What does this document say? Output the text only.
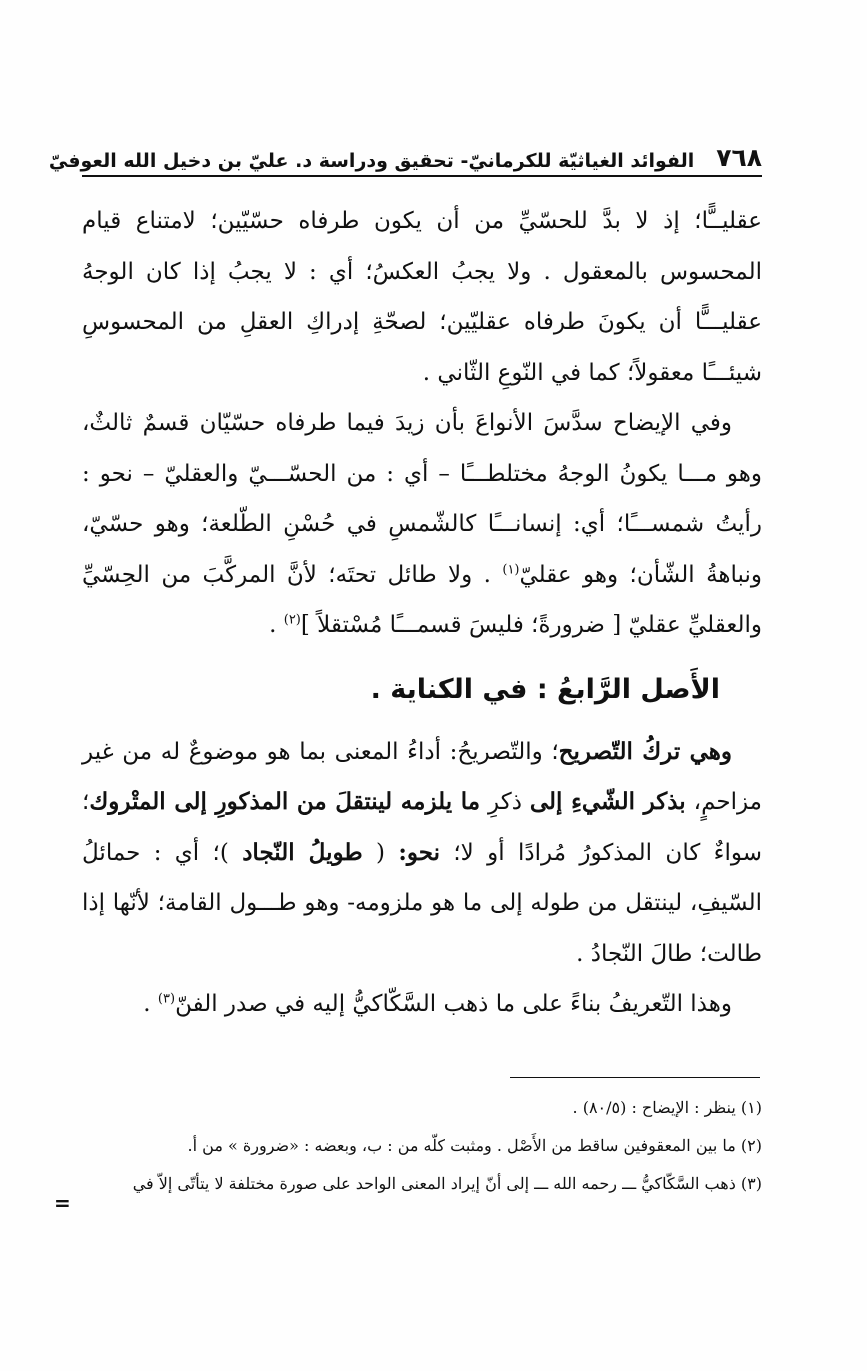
٧٦٨
الفوائد الغياثيّة للكرمانيّ- تحقيق ودراسة د. عليّ بن دخيل الله العوفيّ

عقليــًّا؛ إذ لا بدَّ للحسّيِّ من أن يكون طرفاه حسّيّين؛ لامتناع قيام المحسوس بالمعقول . ولا يجبُ العكسُ؛ أي : لا يجبُ إذا كان الوجهُ عقليـــًّا أن يكونَ طرفاه عقليّين؛ لصحّةِ إدراكِ العقلِ من المحسوسِ شيئـــًا معقولاً؛ كما في النّوعِ الثّاني .

وفي الإيضاح سدَّسَ الأنواعَ بأن زيدَ فيما طرفاه حسّيّان قسمٌ ثالثٌ، وهو مـــا يكونُ الوجهُ مختلطـــًا – أي : من الحسّـــيّ والعقليّ – نحو : رأيتُ شمســـًا؛ أي: إنسانـــًا كالشّمسِ في حُسْنِ الطّلعة؛ وهو حسّيّ، ونباهةُ الشّأن؛ وهو عقليّ$^{(١)}$ . ولا طائل تحتَه؛ لأنَّ المركَّبَ من الحِسّيِّ والعقليِّ عقليّ [ ضرورةً؛ فليسَ قسمـــًا مُسْتقلاً ]$^{(٢)}$ .

الأَصل الرَّابعُ : في الكناية .

وهي تركُ التّصريح؛ والتّصريحُ: أداءُ المعنى بما هو موضوعٌ له من غير مزاحمٍ، بذكر الشّيءِ إلى ذكرِ ما يلزمه لينتقلَ من المذكورِ إلى المتْروك؛ سواءٌ كان المذكورُ مُرادًا أو لا؛ نحو: ( طويلُ النّجاد )؛ أي : حمائلُ السّيفِ، لينتقل من طوله إلى ما هو ملزومه- وهو طـــول القامة؛ لأنّها إذا طالت؛ طالَ النّجادُ .

وهذا التّعريفُ بناءً على ما ذهب السَّكّاكيُّ إليه في صدر الفنّ$^{(٣)}$ .

(١) ينظر : الإيضاح : (٨٠/٥) .

(٢) ما بين المعقوفين ساقط من الأَصْل . ومثبت كلّه من : ب، وبعضه : «ضرورة » من أ.

(٣) ذهب السَّكّاكيُّ ـــ رحمه الله ـــ إلى أنّ إيراد المعنى الواحد على صورة مختلفة لا يتأتّى إلاّ في

=
